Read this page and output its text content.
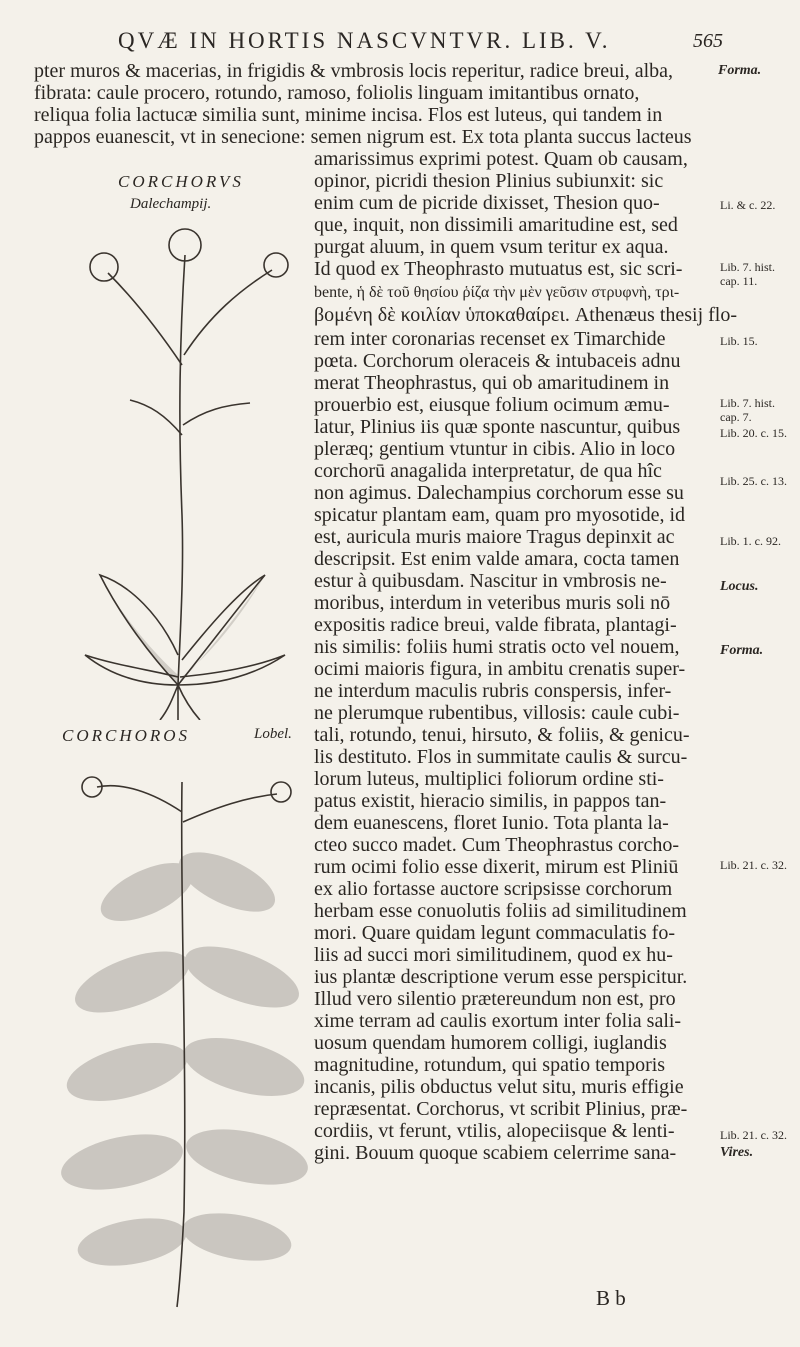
QVÆ IN HORTIS NASCVNTVR. LIB. V.	565
pter muros & macerias, in frigidis & vmbrosis locis reperitur, radice breui, alba,
fibrata: caule procero, rotundo, ramoso, foliolis linguam imitantibus ornato,
reliqua folia lactucæ similia sunt, minime incisa. Flos est luteus, qui tandem in
pappos euanescit, vt in senecione: semen nigrum est. Ex tota planta succus lacteus
amarissimus exprimi potest. Quam ob causam,
opinor, picridi thesion Plinius subiunxit: sic
enim cum de picride dixisset, Thesion quo-
que, inquit, non dissimili amaritudine est, sed
purgat aluum, in quem vsum teritur ex aqua.
Id quod ex Theophrasto mutuatus est, sic scri-
bente, ἡ δὲ τοῦ θησίου ῥίζα τὴν μὲν γεῦσιν στρυφνὴ, τρι-
βομένη δὲ κοιλίαν ὑποκαθαίρει. Athenæus thesij flo-
rem inter coronarias recenset ex Timarchide
pœta. Corchorum oleraceis & intubaceis adnu
merat Theophrastus, qui ob amaritudinem in
prouerbio est, eiusque folium ocimum æmu-
latur, Plinius iis quæ sponte nascuntur, quibus
pleræq; gentium vtuntur in cibis. Alio in loco
corchorū anagalida interpretatur, de qua hîc
non agimus. Dalechampius corchorum esse su
spicatur plantam eam, quam pro myosotide, id
est, auricula muris maiore Tragus depinxit ac
descripsit. Est enim valde amara, cocta tamen
estur à quibusdam. Nascitur in vmbrosis ne-
moribus, interdum in veteribus muris soli nō
expositis radice breui, valde fibrata, plantagi-
nis similis: foliis humi stratis octo vel nouem,
ocimi maioris figura, in ambitu crenatis super-
ne interdum maculis rubris conspersis, infer-
ne plerumque rubentibus, villosis: caule cubi-
tali, rotundo, tenui, hirsuto, & foliis, & genicu-
lis destituto. Flos in summitate caulis & surcu-
lorum luteus, multiplici foliorum ordine sti-
patus existit, hieracio similis, in pappos tan-
dem euanescens, floret Iunio. Tota planta la-
cteo succo madet. Cum Theophrastus corcho-
rum ocimi folio esse dixerit, mirum est Pliniū
ex alio fortasse auctore scripsisse corchorum
herbam esse conuolutis foliis ad similitudinem
mori. Quare quidam legunt commaculatis fo-
liis ad succi mori similitudinem, quod ex hu-
ius plantæ descriptione verum esse perspicitur.
Illud vero silentio prætereundum non est, pro
xime terram ad caulis exortum inter folia sali-
uosum quendam humorem colligi, iuglandis
magnitudine, rotundum, qui spatio temporis
incanis, pilis obductus velut situ, muris effigie
repræsentat. Corchorus, vt scribit Plinius, præ-
cordiis, vt ferunt, vtilis, alopeciisque & lenti-
gini. Bouum quoque scabiem celerrime sana-
Forma.
Li. & c. 22.
Lib. 7. hist. cap. 11.
Lib. 15.
Lib. 7. hist. cap. 7.
Lib. 20. c. 15.
Lib. 25. c. 13.
Lib. 1. c. 92.
Locus.
Forma.
Lib. 21. c. 32.
Lib. 21. c. 32.
Vires.
CORCHORVS
Dalechampij.
CORCHOROS	Lobel.
B b
